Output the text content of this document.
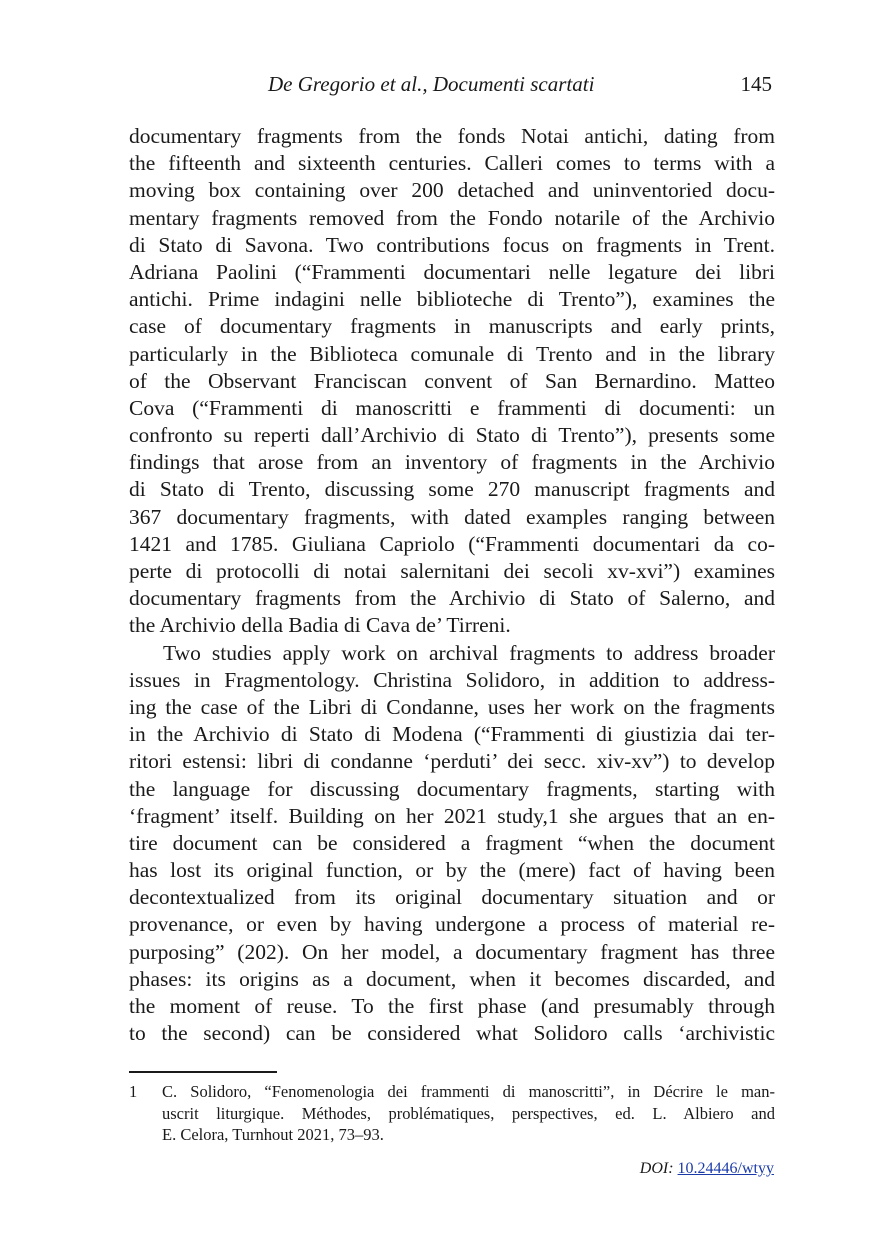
De Gregorio et al., Documenti scartati	145
documentary fragments from the fonds Notai antichi, dating from
the fifteenth and sixteenth centuries. Calleri comes to terms with a
moving box containing over 200 detached and uninventoried docu-
mentary fragments removed from the Fondo notarile of the Archivio
di Stato di Savona. Two contributions focus on fragments in Trent.
Adriana Paolini (“Frammenti documentari nelle legature dei libri
antichi. Prime indagini nelle biblioteche di Trento”), examines the
case of documentary fragments in manuscripts and early prints,
particularly in the Biblioteca comunale di Trento and in the library
of the Observant Franciscan convent of San Bernardino. Matteo
Cova (“Frammenti di manoscritti e frammenti di documenti: un
confronto su reperti dall’Archivio di Stato di Trento”), presents some
findings that arose from an inventory of fragments in the Archivio
di Stato di Trento, discussing some 270 manuscript fragments and
367 documentary fragments, with dated examples ranging between
1421 and 1785. Giuliana Capriolo (“Frammenti documentari da co-
perte di protocolli di notai salernitani dei secoli xv-xvi”) examines
documentary fragments from the Archivio di Stato of Salerno, and
the Archivio della Badia di Cava de’ Tirreni.
Two studies apply work on archival fragments to address broader
issues in Fragmentology. Christina Solidoro, in addition to address-
ing the case of the Libri di Condanne, uses her work on the fragments
in the Archivio di Stato di Modena (“Frammenti di giustizia dai ter-
ritori estensi: libri di condanne ‘perduti’ dei secc. xiv-xv”) to develop
the language for discussing documentary fragments, starting with
‘fragment’ itself. Building on her 2021 study,1 she argues that an en-
tire document can be considered a fragment “when the document
has lost its original function, or by the (mere) fact of having been
decontextualized from its original documentary situation and or
provenance, or even by having undergone a process of material re-
purposing” (202). On her model, a documentary fragment has three
phases: its origins as a document, when it becomes discarded, and
the moment of reuse. To the first phase (and presumably through
to the second) can be considered what Solidoro calls ‘archivistic
1 C. Solidoro, “Fenomenologia dei frammenti di manoscritti”, in Décrire le man-
uscrit liturgique. Méthodes, problématiques, perspectives, ed. L. Albiero and
E. Celora, Turnhout 2021, 73–93.
DOI: 10.24446/wtyy
